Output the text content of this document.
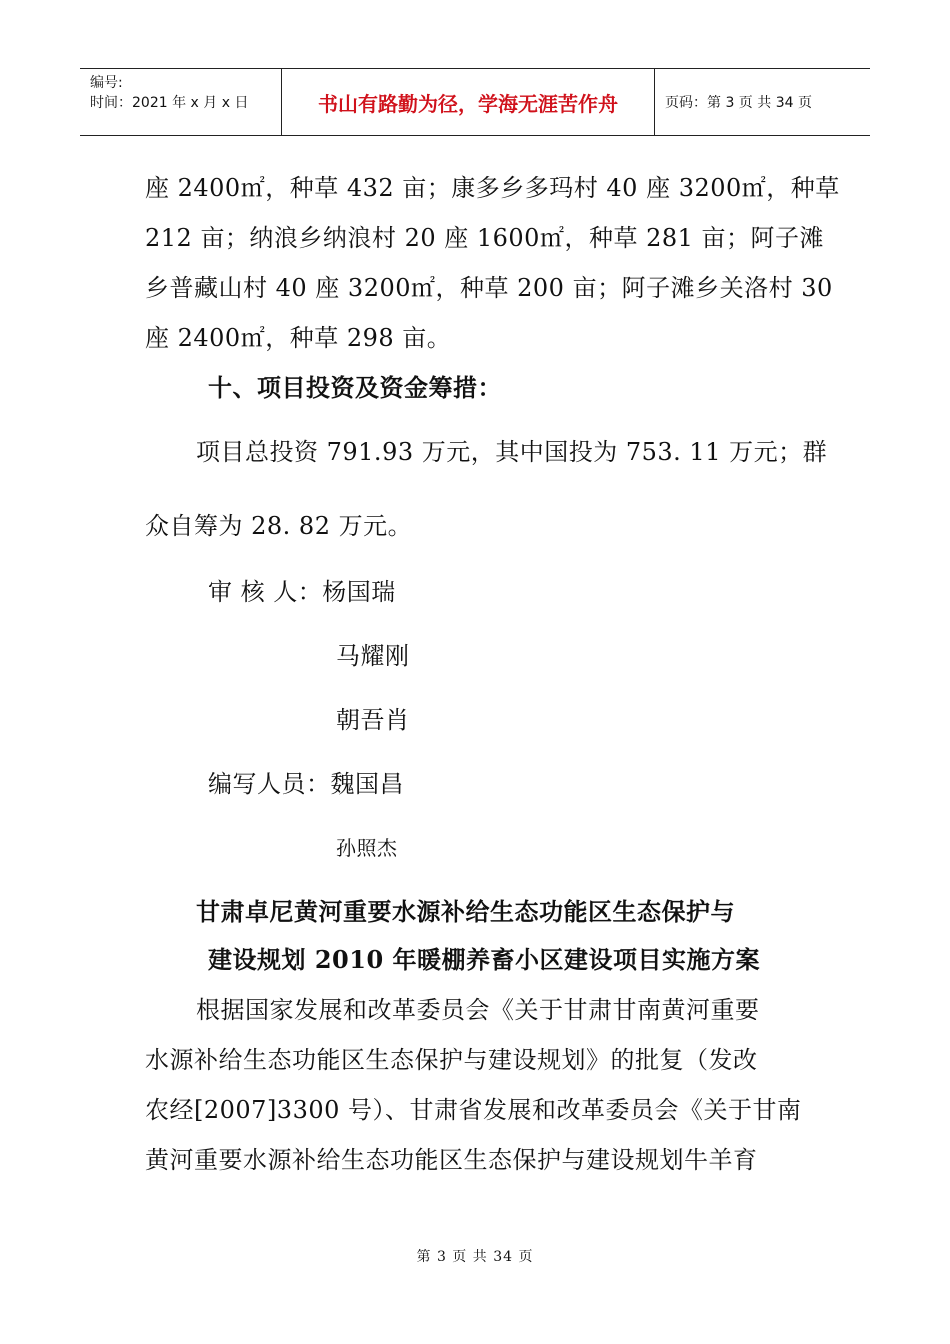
编号:
时间：2021 年 x 月 x 日	书山有路勤为径，学海无涯苦作舟	页码：第 3 页 共 34 页
座 2400㎡，种草 432 亩；康多乡多玛村 40 座 3200㎡，种草
212 亩；纳浪乡纳浪村 20 座 1600㎡，种草 281 亩；阿子滩
乡普藏山村 40 座 3200㎡，种草 200 亩；阿子滩乡关洛村 30
座 2400㎡，种草 298 亩。
十、项目投资及资金筹措：
项目总投资 791.93 万元，其中国投为 753. 11 万元；群
众自筹为 28. 82 万元。
审 核 人：杨国瑞
马耀刚
朝吾肖
编写人员：魏国昌
孙照杰
甘肃卓尼黄河重要水源补给生态功能区生态保护与
建设规划 2010 年暖棚养畜小区建设项目实施方案
根据国家发展和改革委员会《关于甘肃甘南黄河重要
水源补给生态功能区生态保护与建设规划》的批复（发改
农经[2007]3300 号）、甘肃省发展和改革委员会《关于甘南
黄河重要水源补给生态功能区生态保护与建设规划牛羊育
第 3 页 共 34 页
